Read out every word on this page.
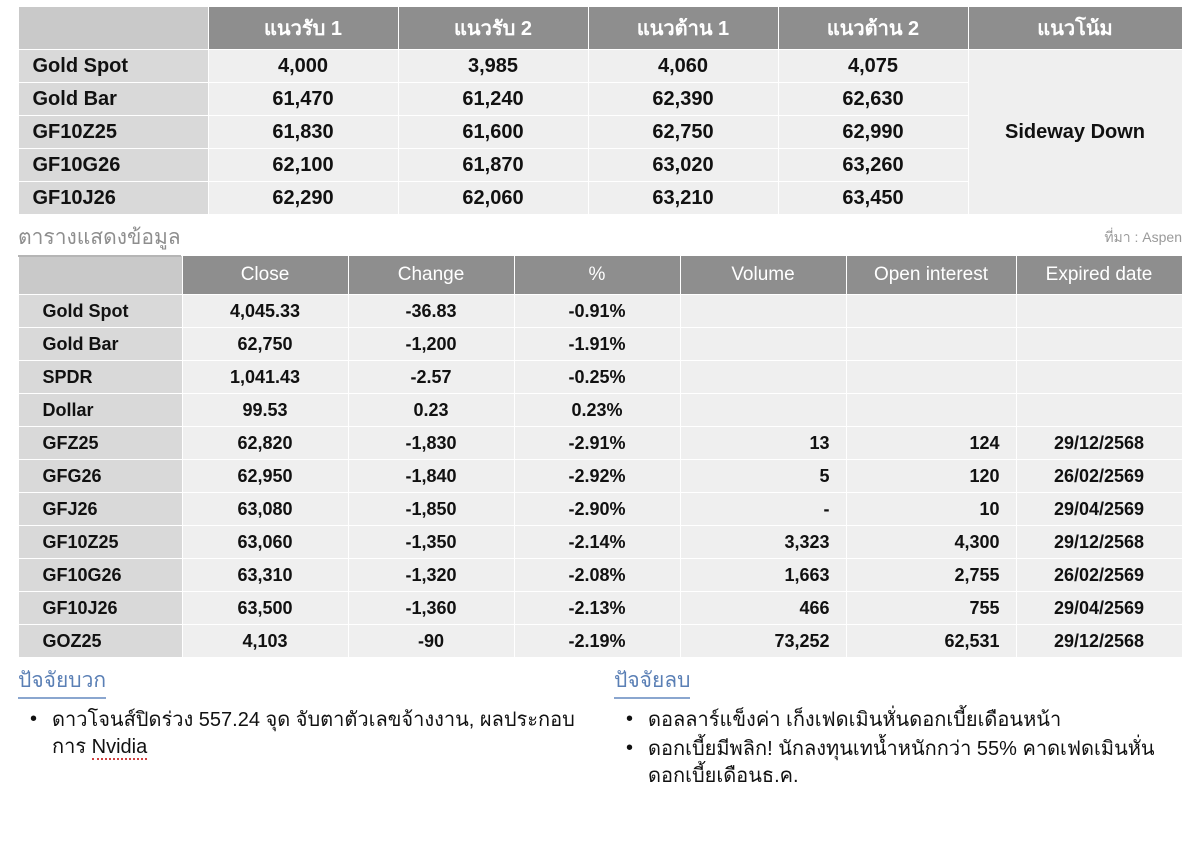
	แนวรับ 1	แนวรับ 2	แนวต้าน 1	แนวต้าน 2	แนวโน้ม
Gold Spot	4,000	3,985	4,060	4,075	Sideway Down
Gold Bar	61,470	61,240	62,390	62,630	
GF10Z25	61,830	61,600	62,750	62,990	
GF10G26	62,100	61,870	63,020	63,260	
GF10J26	62,290	62,060	63,210	63,450	
ตารางแสดงข้อมูล	ที่มา : Aspen
	Close	Change	%	Volume	Open interest	Expired date
Gold Spot	4,045.33	-36.83	-0.91%			
Gold Bar	62,750	-1,200	-1.91%			
SPDR	1,041.43	-2.57	-0.25%			
Dollar	99.53	0.23	0.23%			
GFZ25	62,820	-1,830	-2.91%	13	124	29/12/2568
GFG26	62,950	-1,840	-2.92%	5	120	26/02/2569
GFJ26	63,080	-1,850	-2.90%	-	10	29/04/2569
GF10Z25	63,060	-1,350	-2.14%	3,323	4,300	29/12/2568
GF10G26	63,310	-1,320	-2.08%	1,663	2,755	26/02/2569
GF10J26	63,500	-1,360	-2.13%	466	755	29/04/2569
GOZ25	4,103	-90	-2.19%	73,252	62,531	29/12/2568
ปัจจัยบวก
• ดาวโจนส์ปิดร่วง 557.24 จุด จับตาตัวเลขจ้างงาน, ผลประกอบการ Nvidia
ปัจจัยลบ
• ดอลลาร์แข็งค่า เก็งเฟดเมินหั่นดอกเบี้ยเดือนหน้า
• ดอกเบี้ยมีพลิก! นักลงทุนเทน้ำหนักกว่า 55% คาดเฟดเมินหั่นดอกเบี้ยเดือนธ.ค.
